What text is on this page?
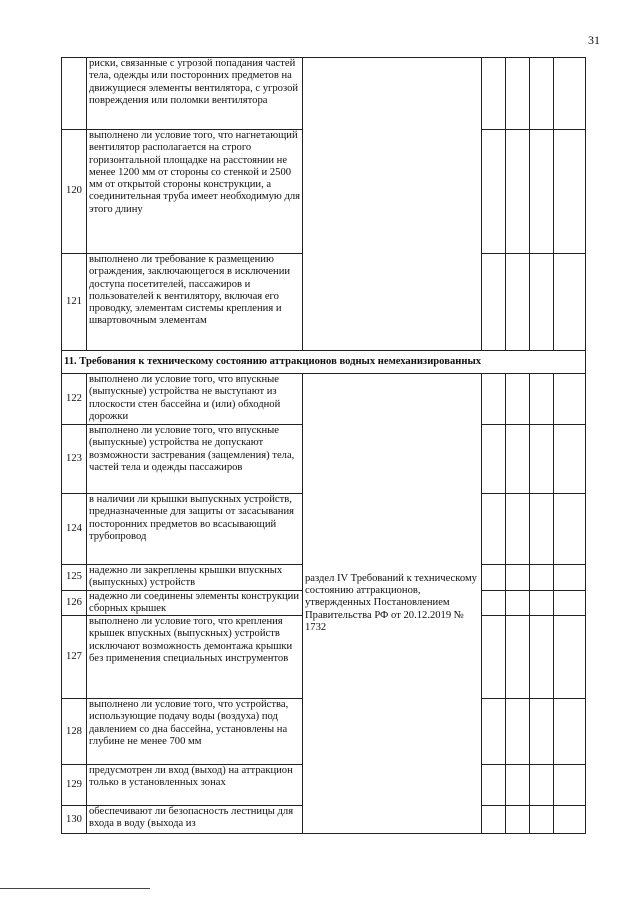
31
	риски, связанные с угрозой попадания частей тела, одежды или посторонних предметов на движущиеся элементы вентилятора, с угрозой повреждения или поломки вентилятора					
120	выполнено ли условие того, что нагнетающий вентилятор располагается на строго горизонтальной площадке на расстоянии не менее 1200 мм от стороны со стенкой и 2500 мм от открытой стороны конструкции, а соединительная труба имеет необходимую для этого длину					
121	выполнено ли требование к размещению ограждения, заключающегося в исключении доступа посетителей, пассажиров и пользователей к вентилятору, включая его проводку, элементам системы крепления и швартовочным элементам					
11. Требования к техническому состоянию аттракционов водных немеханизированных						
122	выполнено ли условие того, что впускные (выпускные) устройства не выступают из плоскости стен бассейна и (или) обходной дорожки	раздел IV Требований к техническому состоянию аттракционов, утвержденных Постановлением Правительства РФ от 20.12.2019 № 1732				
123	выполнено ли условие того, что впускные (выпускные) устройства не допускают возможности застревания (защемления) тела, частей тела и одежды пассажиров					
124	в наличии ли крышки выпускных устройств, предназначенные для защиты от засасывания посторонних предметов во всасывающий трубопровод					
125	надежно ли закреплены крышки впускных (выпускных) устройств					
126	надежно ли соединены элементы конструкции сборных крышек					
127	выполнено ли условие того, что крепления крышек впускных (выпускных) устройств исключают возможность демонтажа крышки без применения специальных инструментов					
128	выполнено ли условие того, что устройства, использующие подачу воды (воздуха) под давлением со дна бассейна, установлены на глубине не менее 700 мм					
129	предусмотрен ли вход (выход) на аттракцион только в установленных зонах					
130	обеспечивают ли безопасность лестницы для входа в воду (выхода из					
